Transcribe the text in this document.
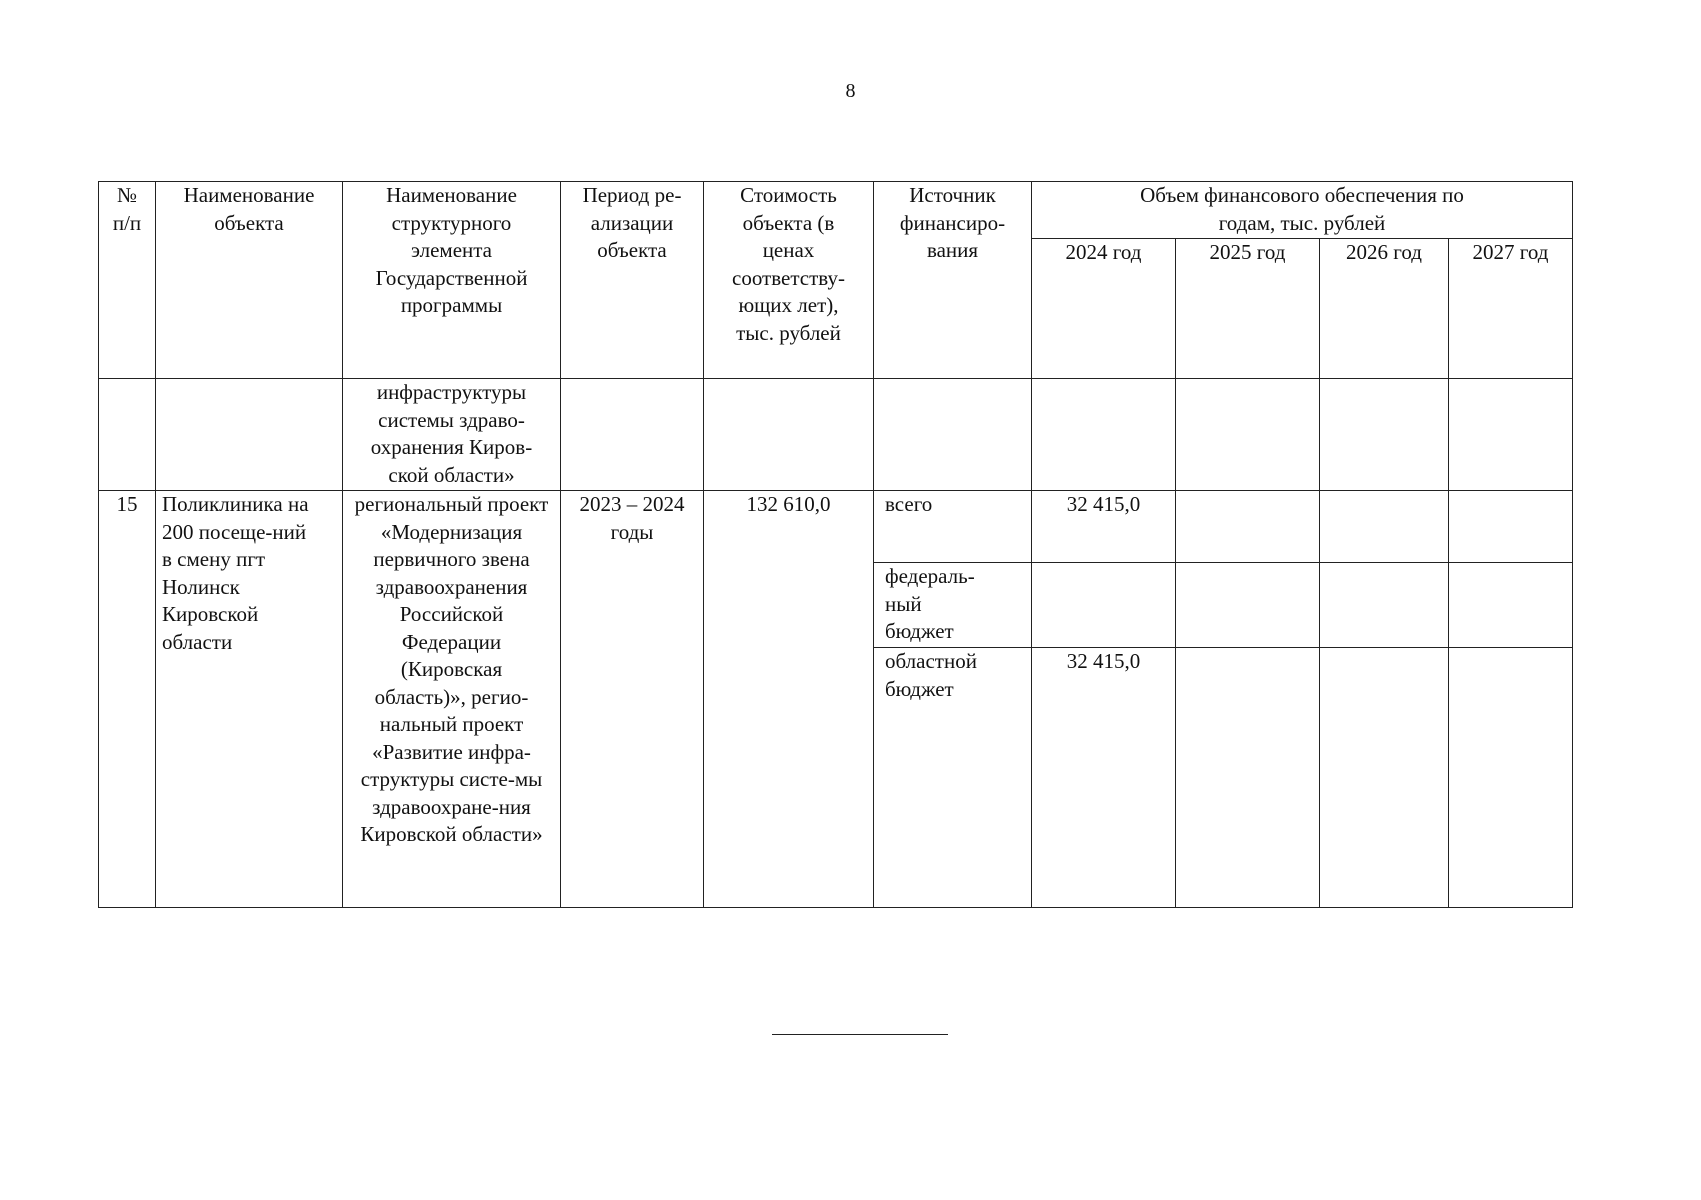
8
№ п/п	Наименование объекта	Наименование структурного элемента Государственной программы	Период ре-ализации объекта	Стоимость объекта (в ценах соответству-ющих лет), тыс. рублей	Источник финансиро-вания	Объем финансового обеспечения по годам, тыс. рублей			

						2024 год	2025 год	2026 год	2027 год

		инфраструктуры системы здраво-охранения Киров-ской области»							

15	Поликлиника на 200 посеще-ний в смену пгт Нолинск Кировской области	региональный проект «Модернизация первичного звена здравоохранения Российской Федерации (Кировская область)», регио-нальный проект «Развитие инфра-структуры систе-мы здравоохране-ния Кировской области»	2023 – 2024 годы	132 610,0	всего	32 415,0			

					федераль-ный бюджет				

					областной бюджет	32 415,0			
